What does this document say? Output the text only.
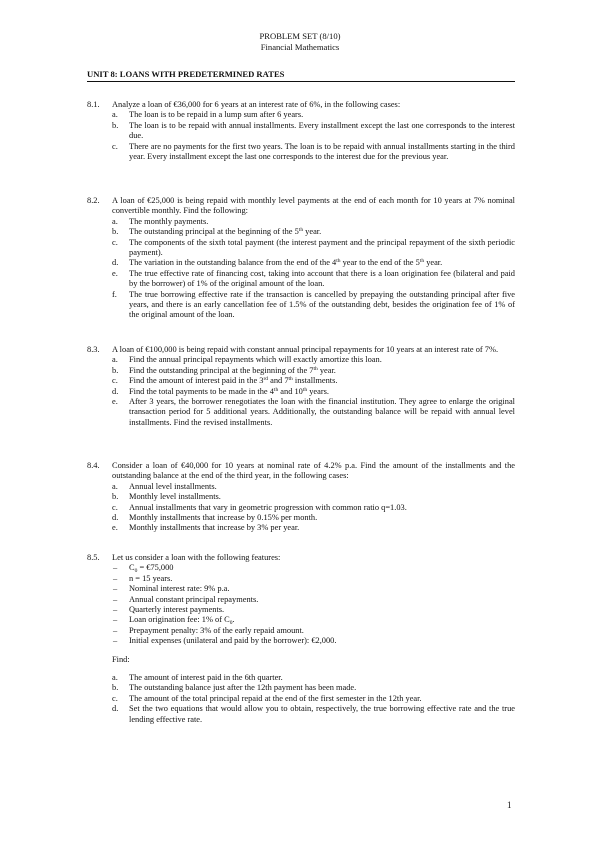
PROBLEM SET (8/10)
Financial Mathematics
UNIT 8: LOANS WITH PREDETERMINED RATES
8.1. Analyze a loan of €36,000 for 6 years at an interest rate of 6%, in the following cases:
a. The loan is to be repaid in a lump sum after 6 years.
b. The loan is to be repaid with annual installments. Every installment except the last one corresponds to the interest due.
c. There are no payments for the first two years. The loan is to be repaid with annual installments starting in the third year. Every installment except the last one corresponds to the interest due for the previous year.
8.2. A loan of €25,000 is being repaid with monthly level payments at the end of each month for 10 years at 7% nominal convertible monthly. Find the following:
a. The monthly payments.
b. The outstanding principal at the beginning of the 5th year.
c. The components of the sixth total payment (the interest payment and the principal repayment of the sixth periodic payment).
d. The variation in the outstanding balance from the end of the 4th year to the end of the 5th year.
e. The true effective rate of financing cost, taking into account that there is a loan origination fee (bilateral and paid by the borrower) of 1% of the original amount of the loan.
f. The true borrowing effective rate if the transaction is cancelled by prepaying the outstanding principal after five years, and there is an early cancellation fee of 1.5% of the outstanding debt, besides the origination fee of 1% of the original amount of the loan.
8.3. A loan of €100,000 is being repaid with constant annual principal repayments for 10 years at an interest rate of 7%.
a. Find the annual principal repayments which will exactly amortize this loan.
b. Find the outstanding principal at the beginning of the 7th year.
c. Find the amount of interest paid in the 3rd and 7th installments.
d. Find the total payments to be made in the 4th and 10th years.
e. After 3 years, the borrower renegotiates the loan with the financial institution. They agree to enlarge the original transaction period for 5 additional years. Additionally, the outstanding balance will be repaid with annual level installments. Find the revised installments.
8.4. Consider a loan of €40,000 for 10 years at nominal rate of 4.2% p.a. Find the amount of the installments and the outstanding balance at the end of the third year, in the following cases:
a. Annual level installments.
b. Monthly level installments.
c. Annual installments that vary in geometric progression with common ratio q=1.03.
d. Monthly installments that increase by 0.15% per month.
e. Monthly installments that increase by 3% per year.
8.5. Let us consider a loan with the following features:
– $C_0$ = €75,000
– n = 15 years.
– Nominal interest rate: 9% p.a.
– Annual constant principal repayments.
– Quarterly interest payments.
– Loan origination fee: 1% of $C_0$.
– Prepayment penalty: 3% of the early repaid amount.
– Initial expenses (unilateral and paid by the borrower): €2,000.
Find:
a. The amount of interest paid in the 6th quarter.
b. The outstanding balance just after the 12th payment has been made.
c. The amount of the total principal repaid at the end of the first semester in the 12th year.
d. Set the two equations that would allow you to obtain, respectively, the true borrowing effective rate and the true lending effective rate.
1
